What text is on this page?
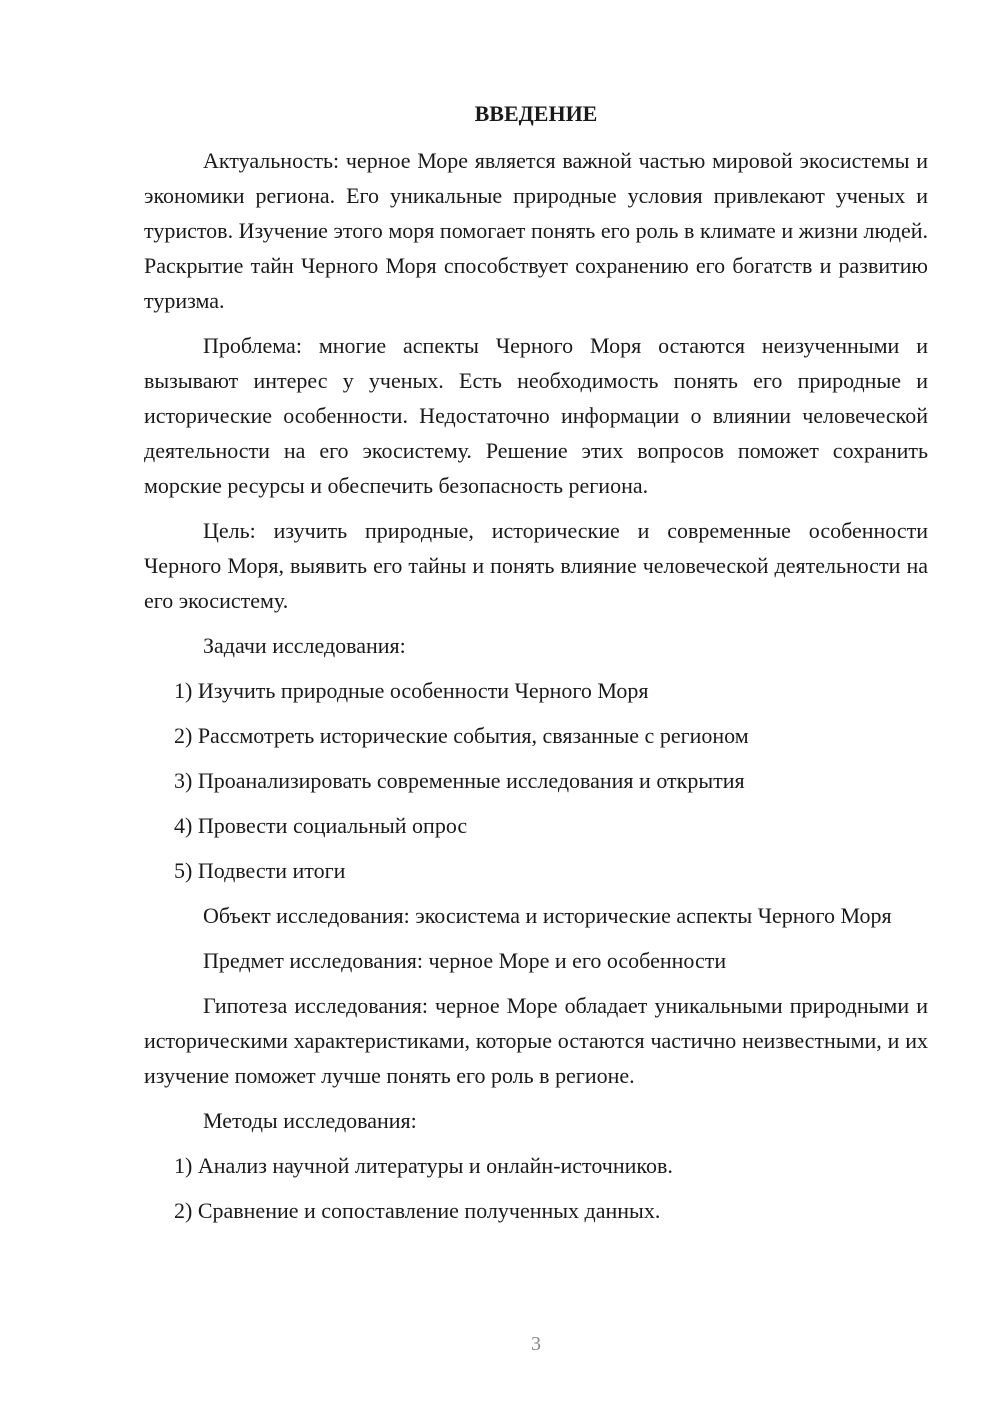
ВВЕДЕНИЕ
Актуальность: черное Море является важной частью мировой экосистемы и экономики региона. Его уникальные природные условия привлекают ученых и туристов. Изучение этого моря помогает понять его роль в климате и жизни людей. Раскрытие тайн Черного Моря способствует сохранению его богатств и развитию туризма.
Проблема: многие аспекты Черного Моря остаются неизученными и вызывают интерес у ученых. Есть необходимость понять его природные и исторические особенности. Недостаточно информации о влиянии человеческой деятельности на его экосистему. Решение этих вопросов поможет сохранить морские ресурсы и обеспечить безопасность региона.
Цель: изучить природные, исторические и современные особенности Черного Моря, выявить его тайны и понять влияние человеческой деятельности на его экосистему.
Задачи исследования:
1) Изучить природные особенности Черного Моря
2) Рассмотреть исторические события, связанные с регионом
3) Проанализировать современные исследования и открытия
4) Провести социальный опрос
5) Подвести итоги
Объект исследования: экосистема и исторические аспекты Черного Моря
Предмет исследования: черное Море и его особенности
Гипотеза исследования: черное Море обладает уникальными природными и историческими характеристиками, которые остаются частично неизвестными, и их изучение поможет лучше понять его роль в регионе.
Методы исследования:
1) Анализ научной литературы и онлайн-источников.
2) Сравнение и сопоставление полученных данных.
3
